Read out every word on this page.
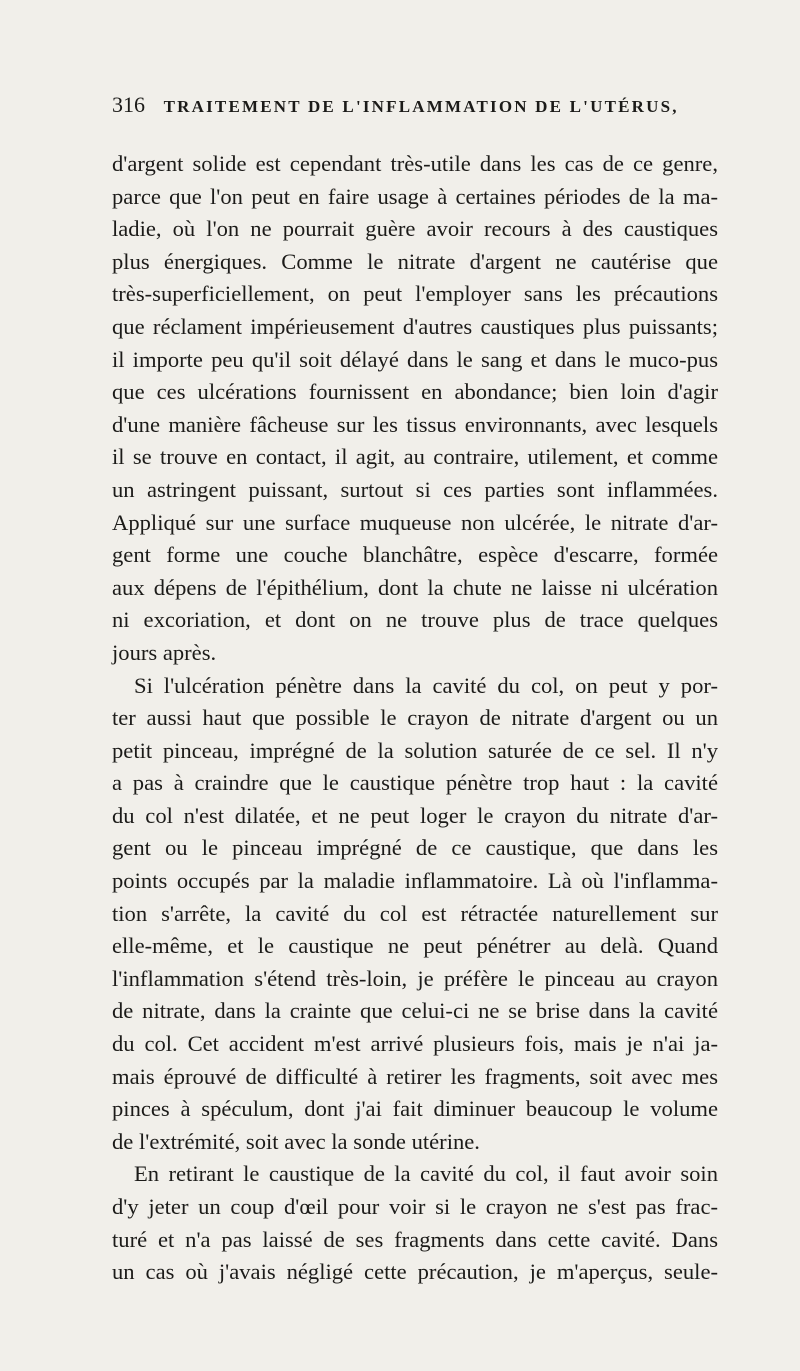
316 TRAITEMENT DE L'INFLAMMATION DE L'UTÉRUS,
d'argent solide est cependant très-utile dans les cas de ce genre,
parce que l'on peut en faire usage à certaines périodes de la ma-
ladie, où l'on ne pourrait guère avoir recours à des caustiques
plus énergiques. Comme le nitrate d'argent ne cautérise que
très-superficiellement, on peut l'employer sans les précautions
que réclament impérieusement d'autres caustiques plus puissants;
il importe peu qu'il soit délayé dans le sang et dans le muco-pus
que ces ulcérations fournissent en abondance; bien loin d'agir
d'une manière fâcheuse sur les tissus environnants, avec lesquels
il se trouve en contact, il agit, au contraire, utilement, et comme
un astringent puissant, surtout si ces parties sont inflammées.
Appliqué sur une surface muqueuse non ulcérée, le nitrate d'ar-
gent forme une couche blanchâtre, espèce d'escarre, formée
aux dépens de l'épithélium, dont la chute ne laisse ni ulcération
ni excoriation, et dont on ne trouve plus de trace quelques
jours après.
Si l'ulcération pénètre dans la cavité du col, on peut y por-
ter aussi haut que possible le crayon de nitrate d'argent ou un
petit pinceau, imprégné de la solution saturée de ce sel. Il n'y
a pas à craindre que le caustique pénètre trop haut : la cavité
du col n'est dilatée, et ne peut loger le crayon du nitrate d'ar-
gent ou le pinceau imprégné de ce caustique, que dans les
points occupés par la maladie inflammatoire. Là où l'inflamma-
tion s'arrête, la cavité du col est rétractée naturellement sur
elle-même, et le caustique ne peut pénétrer au delà. Quand
l'inflammation s'étend très-loin, je préfère le pinceau au crayon
de nitrate, dans la crainte que celui-ci ne se brise dans la cavité
du col. Cet accident m'est arrivé plusieurs fois, mais je n'ai ja-
mais éprouvé de difficulté à retirer les fragments, soit avec mes
pinces à spéculum, dont j'ai fait diminuer beaucoup le volume
de l'extrémité, soit avec la sonde utérine.
En retirant le caustique de la cavité du col, il faut avoir soin
d'y jeter un coup d'œil pour voir si le crayon ne s'est pas frac-
turé et n'a pas laissé de ses fragments dans cette cavité. Dans
un cas où j'avais négligé cette précaution, je m'aperçus, seule-
